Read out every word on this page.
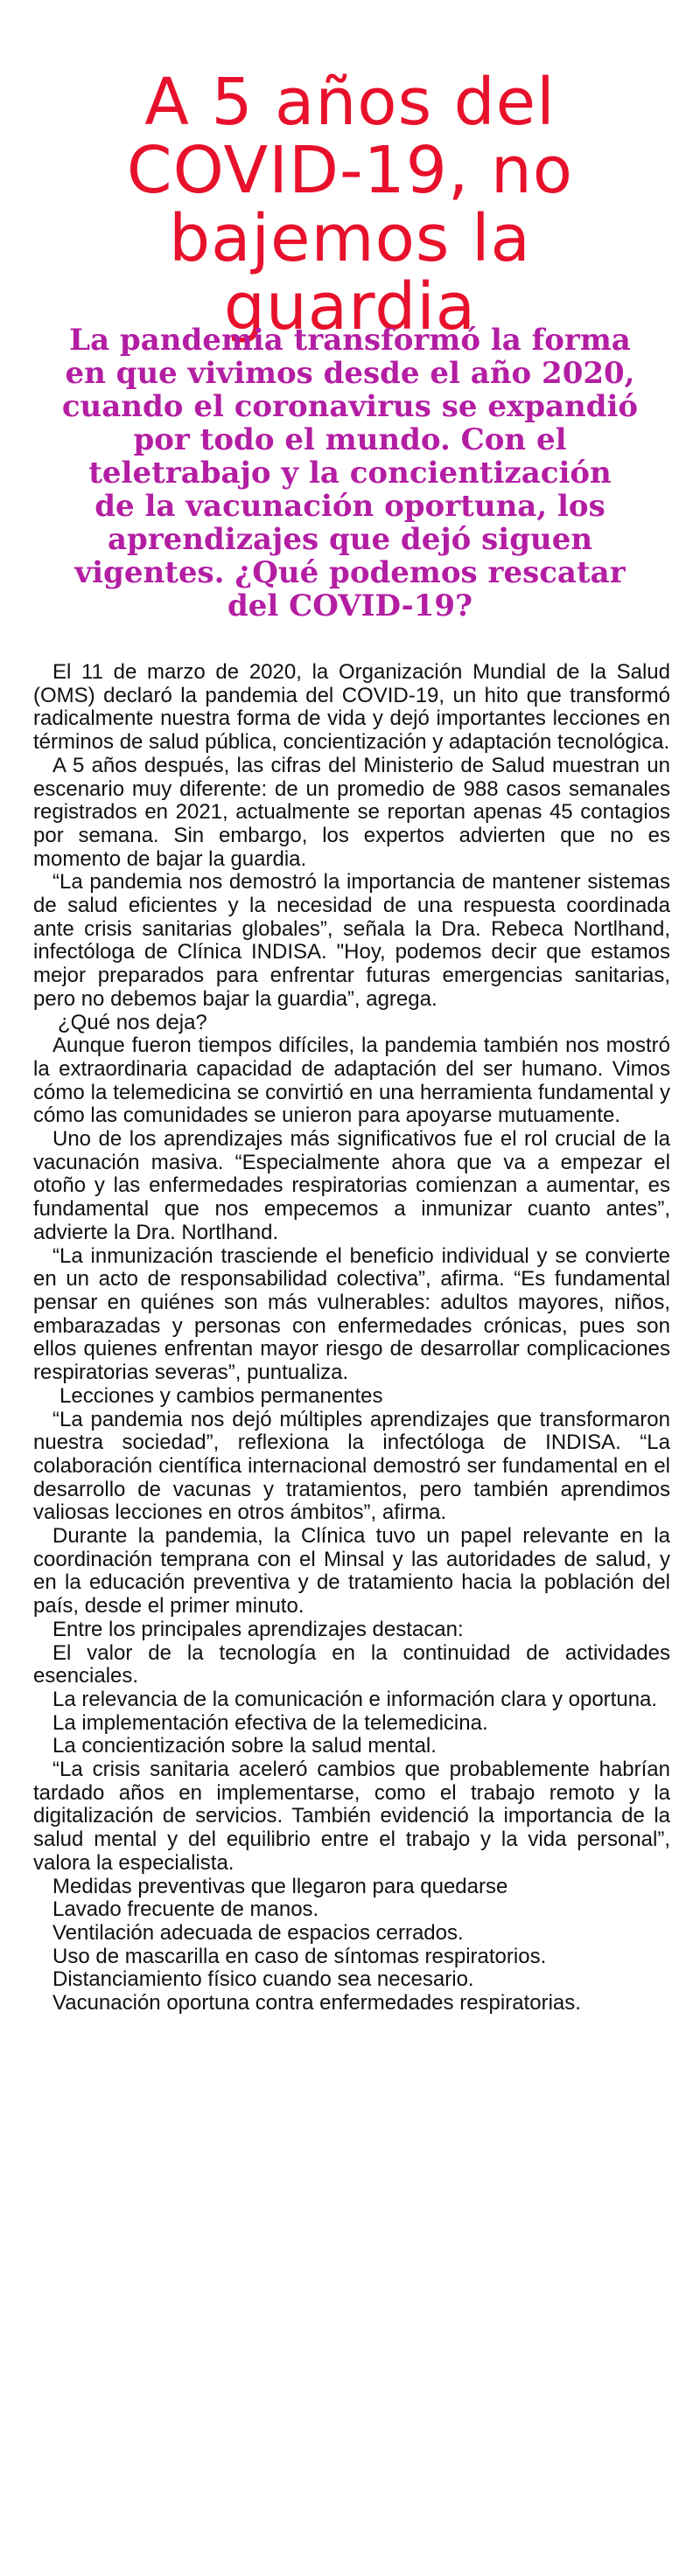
A 5 años del
COVID-19, no
bajemos la
guardia
La pandemia transformó la forma
en que vivimos desde el año 2020,
cuando el coronavirus se expandió
por todo el mundo. Con el
teletrabajo y la concientización
de la vacunación oportuna, los
aprendizajes que dejó siguen
vigentes. ¿Qué podemos rescatar
del COVID-19?

El 11 de marzo de 2020, la Organización Mundial de la Salud (OMS) declaró la pandemia del COVID-19, un hito que transformó radicalmente nuestra forma de vida y dejó importantes lecciones en términos de salud pública, concientización y adaptación tecnológica.

A 5 años después, las cifras del Ministerio de Salud muestran un escenario muy diferente: de un promedio de 988 casos semanales registrados en 2021, actualmente se reportan apenas 45 contagios por semana. Sin embargo, los expertos advierten que no es momento de bajar la guardia.

“La pandemia nos demostró la importancia de mantener sistemas de salud eficientes y la necesidad de una respuesta coordinada ante crisis sanitarias globales”, señala la Dra. Rebeca Nortlhand, infectóloga de Clínica INDISA. "Hoy, podemos decir que estamos mejor preparados para enfrentar futuras emergencias sanitarias, pero no debemos bajar la guardia”, agrega.

¿Qué nos deja?

Aunque fueron tiempos difíciles, la pandemia también nos mostró la extraordinaria capacidad de adaptación del ser humano. Vimos cómo la telemedicina se convirtió en una herramienta fundamental y cómo las comunidades se unieron para apoyarse mutuamente.

Uno de los aprendizajes más significativos fue el rol crucial de la vacunación masiva. “Especialmente ahora que va a empezar el otoño y las enfermedades respiratorias comienzan a aumentar, es fundamental que nos empecemos a inmunizar cuanto antes”, advierte la Dra. Nortlhand.

“La inmunización trasciende el beneficio individual y se convierte en un acto de responsabilidad colectiva”, afirma. “Es fundamental pensar en quiénes son más vulnerables: adultos mayores, niños, embarazadas y personas con enfermedades crónicas, pues son ellos quienes enfrentan mayor riesgo de desarrollar complicaciones respiratorias severas”, puntualiza.

Lecciones y cambios permanentes

“La pandemia nos dejó múltiples aprendizajes que transformaron nuestra sociedad”, reflexiona la infectóloga de INDISA. “La colaboración científica internacional demostró ser fundamental en el desarrollo de vacunas y tratamientos, pero también aprendimos valiosas lecciones en otros ámbitos”, afirma.

Durante la pandemia, la Clínica tuvo un papel relevante en la coordinación temprana con el Minsal y las autoridades de salud, y en la educación preventiva y de tratamiento hacia la población del país, desde el primer minuto.

Entre los principales aprendizajes destacan:

El valor de la tecnología en la continuidad de actividades esenciales.

La relevancia de la comunicación e información clara y oportuna.

La implementación efectiva de la telemedicina.

La concientización sobre la salud mental.

“La crisis sanitaria aceleró cambios que probablemente habrían tardado años en implementarse, como el trabajo remoto y la digitalización de servicios. También evidenció la importancia de la salud mental y del equilibrio entre el trabajo y la vida personal”, valora la especialista.

Medidas preventivas que llegaron para quedarse

Lavado frecuente de manos.

Ventilación adecuada de espacios cerrados.

Uso de mascarilla en caso de síntomas respiratorios.

Distanciamiento físico cuando sea necesario.

Vacunación oportuna contra enfermedades respiratorias.
